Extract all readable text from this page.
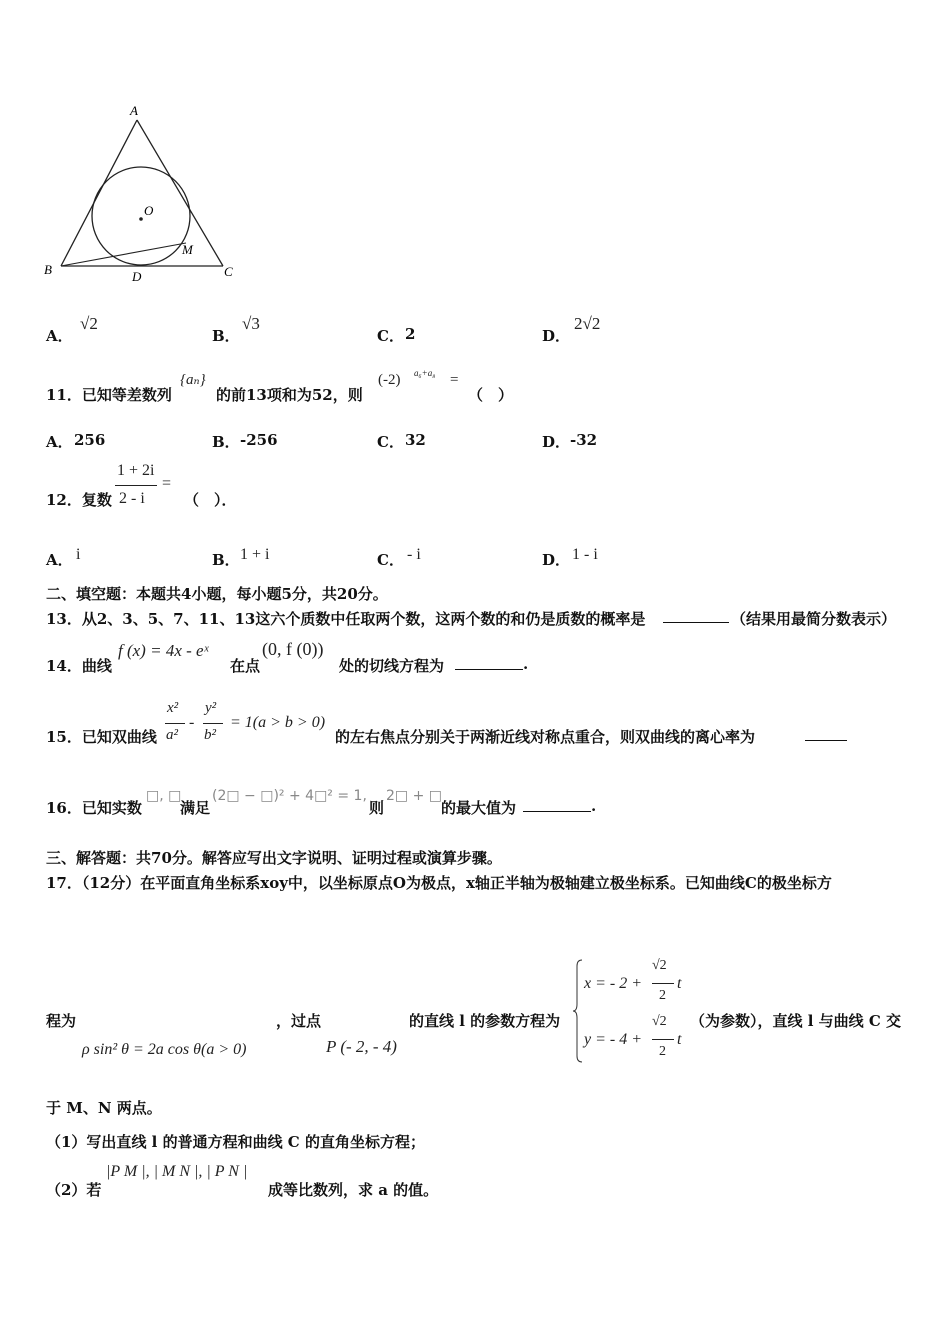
A
B	C
D
O
M
A．
√2
B．
√3
C． 2	D．
2√2
11．已知等差数列
{aₙ}
的前13项和为52，则
(-2) a₆+a₈ =
（　）
A． 256	B． -256	C． 32	D． -32
12．复数
1 + 2i
2 - i
=
（　）．
A． i	B． 1 + i	C． - i	D． 1 - i
二、填空题：本题共4小题，每小题5分，共20分。
13．从2、3、5、7、11、13这六个质数中任取两个数，这两个数的和仍是质数的概率是	（结果用最简分数表示）
14．曲线
f (x) = 4x - eˣ
在点
(0, f (0))
处的切线方程为	.
15．已知双曲线
x²
a²
-
y²
b²
= 1(a > b > 0)
的左右焦点分别关于两渐近线对称点重合，则双曲线的离心率为
16．已知实数
□, □
满足
(2□ − □)² + 4□² = 1,
则
2□ + □
的最大值为	.
三、解答题：共70分。解答应写出文字说明、证明过程或演算步骤。
17．（12分）在平面直角坐标系xoy中，以坐标原点O为极点，x轴正半轴为极轴建立极坐标系。已知曲线C的极坐标方
程为
ρ sin² θ = 2a cos θ(a > 0)
，过点
P (- 2, - 4)
的直线 l 的参数方程为
x = - 2 +
√2
2
t
y = - 4 +
√2
2
t
（为参数），直线 l 与曲线 C 交
于 M、N 两点。
（1）写出直线 l 的普通方程和曲线 C 的直角坐标方程；
（2）若
|P M |, | M N |, | P N |
成等比数列，求 a 的值。
